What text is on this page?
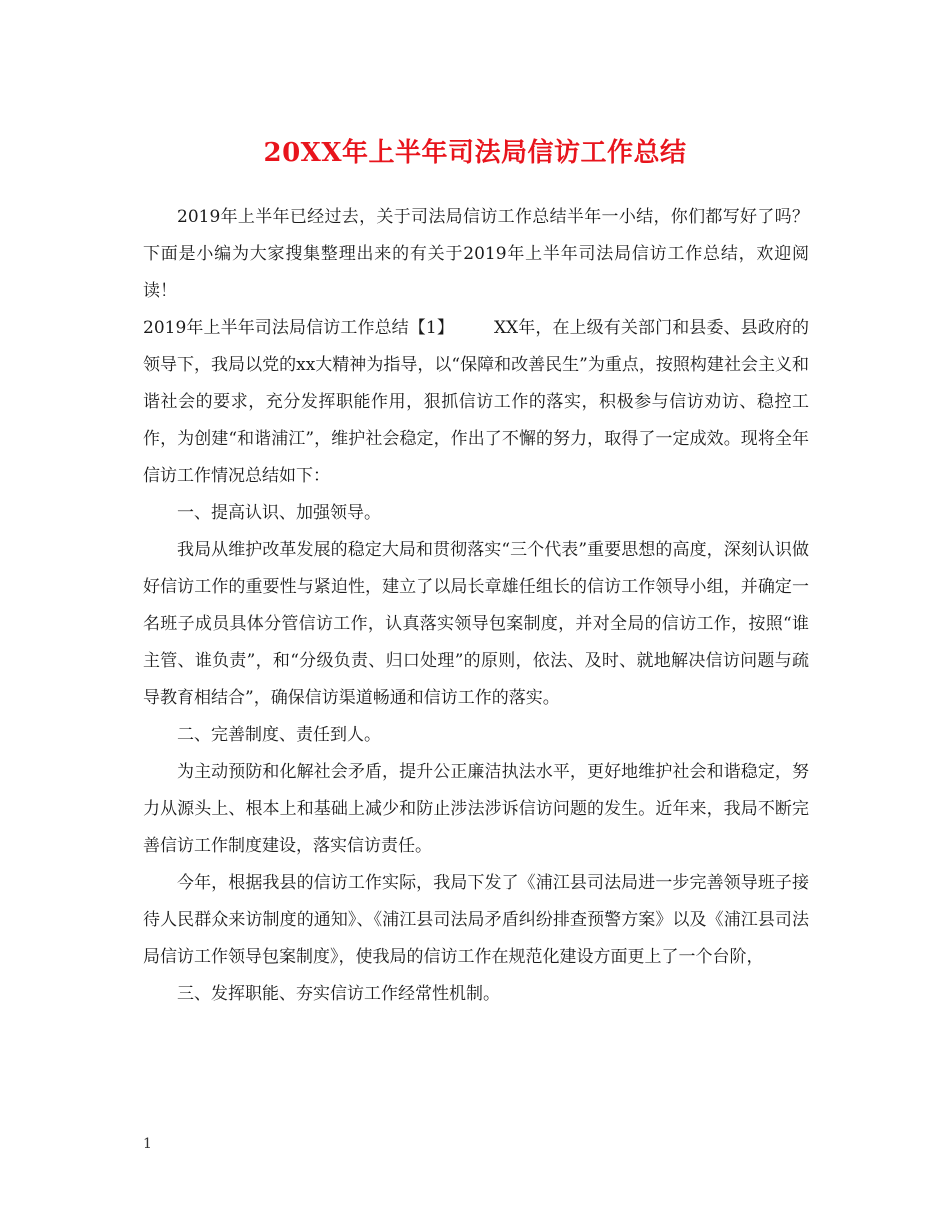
20XX年上半年司法局信访工作总结

2019年上半年已经过去，关于司法局信访工作总结半年一小结，你们都写好了吗？下面是小编为大家搜集整理出来的有关于2019年上半年司法局信访工作总结，欢迎阅读！

2019年上半年司法局信访工作总结【1】 XX年，在上级有关部门和县委、县政府的领导下，我局以党的xx大精神为指导，以“保障和改善民生”为重点，按照构建社会主义和谐社会的要求，充分发挥职能作用，狠抓信访工作的落实，积极参与信访劝访、稳控工作，为创建“和谐浦江”，维护社会稳定，作出了不懈的努力，取得了一定成效。现将全年信访工作情况总结如下：

一、提高认识、加强领导。

我局从维护改革发展的稳定大局和贯彻落实“三个代表”重要思想的高度，深刻认识做好信访工作的重要性与紧迫性，建立了以局长章雄任组长的信访工作领导小组，并确定一名班子成员具体分管信访工作，认真落实领导包案制度，并对全局的信访工作，按照“谁主管、谁负责”，和“分级负责、归口处理”的原则，依法、及时、就地解决信访问题与疏导教育相结合”，确保信访渠道畅通和信访工作的落实。

二、完善制度、责任到人。

为主动预防和化解社会矛盾，提升公正廉洁执法水平，更好地维护社会和谐稳定，努力从源头上、根本上和基础上减少和防止涉法涉诉信访问题的发生。近年来，我局不断完善信访工作制度建设，落实信访责任。

今年，根据我县的信访工作实际，我局下发了《浦江县司法局进一步完善领导班子接待人民群众来访制度的通知》、《浦江县司法局矛盾纠纷排查预警方案》以及《浦江县司法局信访工作领导包案制度》，使我局的信访工作在规范化建设方面更上了一个台阶，

三、发挥职能、夯实信访工作经常性机制。

1
